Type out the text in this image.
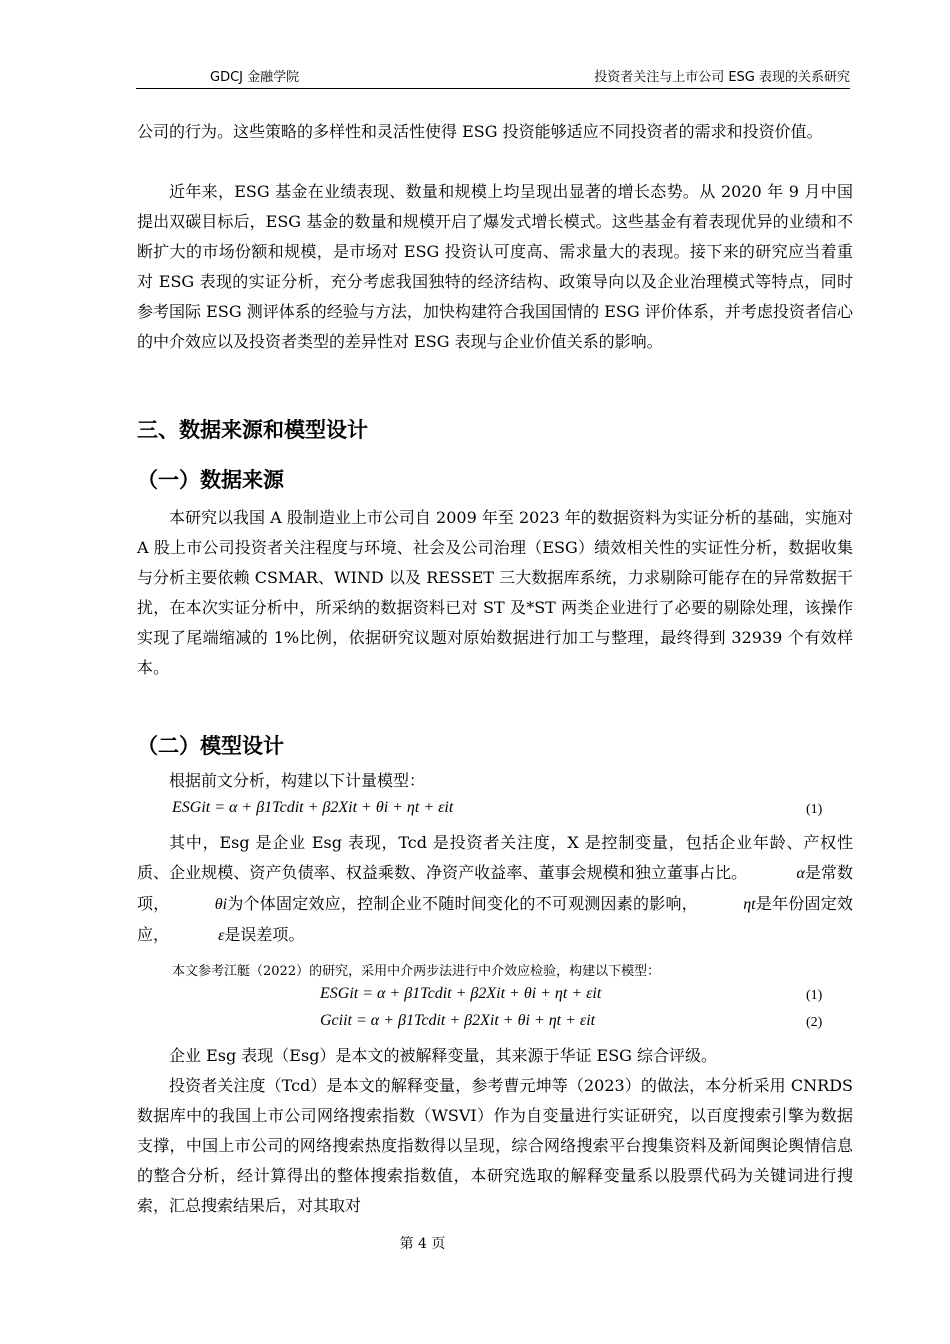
GDCJ 金融学院	投资者关注与上市公司 ESG 表现的关系研究

公司的行为。这些策略的多样性和灵活性使得 ESG 投资能够适应不同投资者的需求和投资价值。

近年来，ESG 基金在业绩表现、数量和规模上均呈现出显著的增长态势。从 2020 年 9 月中国提出双碳目标后，ESG 基金的数量和规模开启了爆发式增长模式。这些基金有着表现优异的业绩和不断扩大的市场份额和规模，是市场对 ESG 投资认可度高、需求量大的表现。接下来的研究应当着重对 ESG 表现的实证分析，充分考虑我国独特的经济结构、政策导向以及企业治理模式等特点，同时参考国际 ESG 测评体系的经验与方法，加快构建符合我国国情的 ESG 评价体系，并考虑投资者信心的中介效应以及投资者类型的差异性对 ESG 表现与企业价值关系的影响。

三、数据来源和模型设计
（一）数据来源

本研究以我国 A 股制造业上市公司自 2009 年至 2023 年的数据资料为实证分析的基础，实施对 A 股上市公司投资者关注程度与环境、社会及公司治理（ESG）绩效相关性的实证性分析，数据收集与分析主要依赖 CSMAR、WIND 以及 RESSET 三大数据库系统，力求剔除可能存在的异常数据干扰，在本次实证分析中，所采纳的数据资料已对 ST 及*ST 两类企业进行了必要的剔除处理，该操作实现了尾端缩减的 1%比例，依据研究议题对原始数据进行加工与整理，最终得到 32939 个有效样本。

（二）模型设计

根据前文分析，构建以下计量模型：

ESGit = α + β1Tcdit + β2Xit + θi + ηt + εit	(1)
其中，Esg 是企业 Esg 表现，Tcd 是投资者关注度，X 是控制变量，包括企业年龄、产权性质、企业规模、资产负债率、权益乘数、净资产收益率、董事会规模和独立董事占比。	α是常数项，	θi为个体固定效应，控制企业不随时间变化的不可观测因素的影响，	ηt是年份固定效应，	ε是误差项。
本文参考江艇（2022）的研究，采用中介两步法进行中介效应检验，构建以下模型：
ESGit = α + β1Tcdit + β2Xit + θi + ηt + εit	(1)
Gciit = α + β1Tcdit + β2Xit + θi + ηt + εit	(2)

企业 Esg 表现（Esg）是本文的被解释变量，其来源于华证 ESG 综合评级。

投资者关注度（Tcd）是本文的解释变量，参考曹元坤等（2023）的做法，本分析采用 CNRDS 数据库中的我国上市公司网络搜索指数（WSVI）作为自变量进行实证研究，以百度搜索引擎为数据支撑，中国上市公司的网络搜索热度指数得以呈现，综合网络搜索平台搜集资料及新闻舆论舆情信息的整合分析，经计算得出的整体搜索指数值，本研究选取的解释变量系以股票代码为关键词进行搜索，汇总搜索结果后，对其取对

第 4 页
